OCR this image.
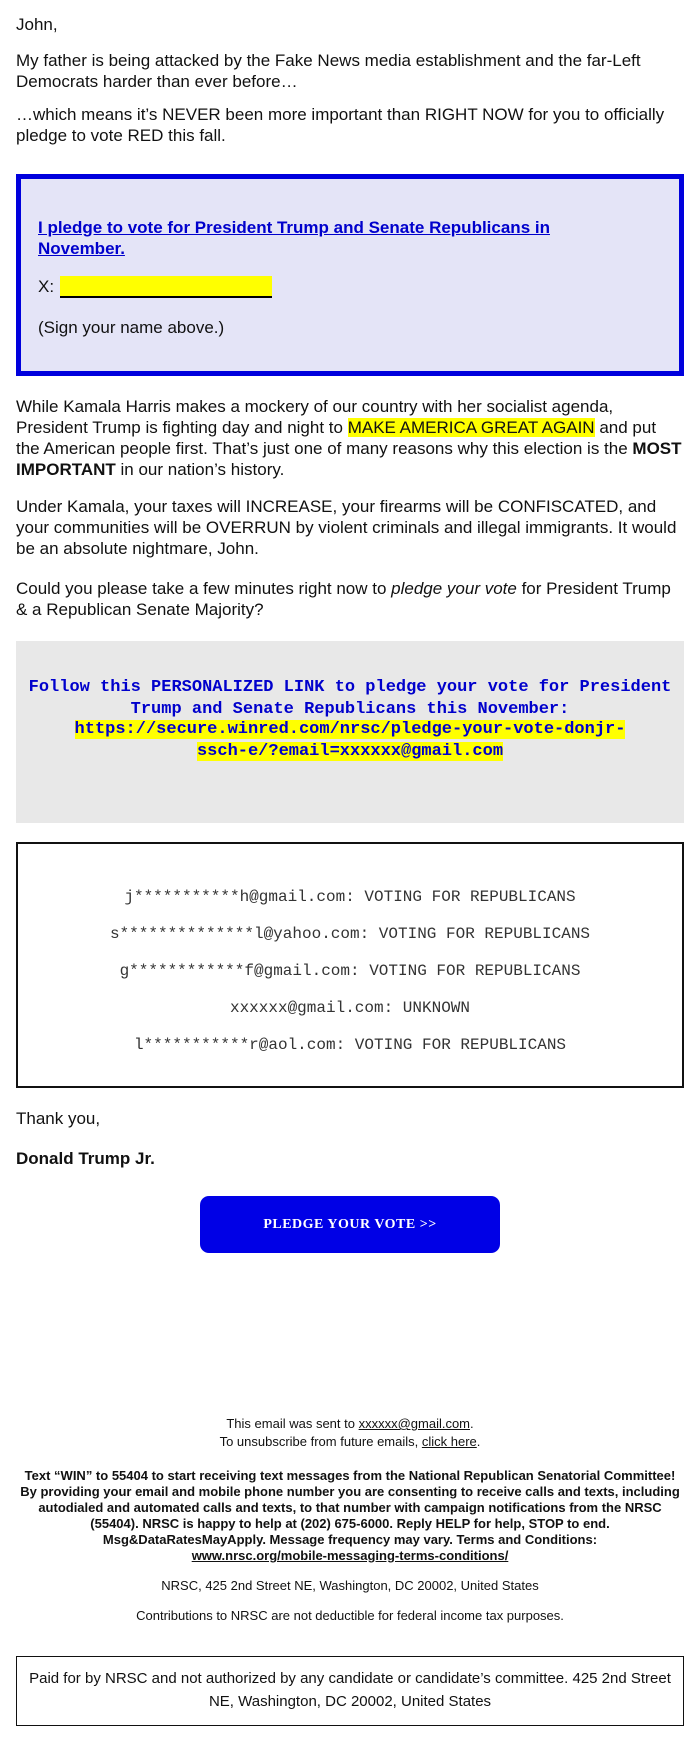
John,

My father is being attacked by the Fake News media establishment and the far-Left Democrats harder than ever before…

…which means it’s NEVER been more important than RIGHT NOW for you to officially pledge to vote RED this fall.

I pledge to vote for President Trump and Senate Republicans in November.
X:
(Sign your name above.)

While Kamala Harris makes a mockery of our country with her socialist agenda, President Trump is fighting day and night to MAKE AMERICA GREAT AGAIN and put the American people first. That’s just one of many reasons why this election is the MOST IMPORTANT in our nation’s history.

Under Kamala, your taxes will INCREASE, your firearms will be CONFISCATED, and your communities will be OVERRUN by violent criminals and illegal immigrants. It would be an absolute nightmare, John.

Could you please take a few minutes right now to pledge your vote for President Trump & a Republican Senate Majority?

Follow this PERSONALIZED LINK to pledge your vote for President Trump and Senate Republicans this November:
https://secure.winred.com/nrsc/pledge-your-vote-donjr-
ssch-e/?email=xxxxxx@gmail.com
j***********h@gmail.com: VOTING FOR REPUBLICANS
s**************l@yahoo.com: VOTING FOR REPUBLICANS
g************f@gmail.com: VOTING FOR REPUBLICANS
xxxxxx@gmail.com: UNKNOWN
l***********r@aol.com: VOTING FOR REPUBLICANS
Thank you,
Donald Trump Jr.
PLEDGE YOUR VOTE >>
This email was sent to xxxxxx@gmail.com.
To unsubscribe from future emails, click here.
Text “WIN” to 55404 to start receiving text messages from the National Republican Senatorial Committee! By providing your email and mobile phone number you are consenting to receive calls and texts, including autodialed and automated calls and texts, to that number with campaign notifications from the NRSC (55404). NRSC is happy to help at (202) 675-6000. Reply HELP for help, STOP to end. Msg&DataRatesMayApply. Message frequency may vary. Terms and Conditions:
www.nrsc.org/mobile-messaging-terms-conditions/
NRSC, 425 2nd Street NE, Washington, DC 20002, United States
Contributions to NRSC are not deductible for federal income tax purposes.
Paid for by NRSC and not authorized by any candidate or candidate’s committee. 425 2nd Street NE, Washington, DC 20002, United States
